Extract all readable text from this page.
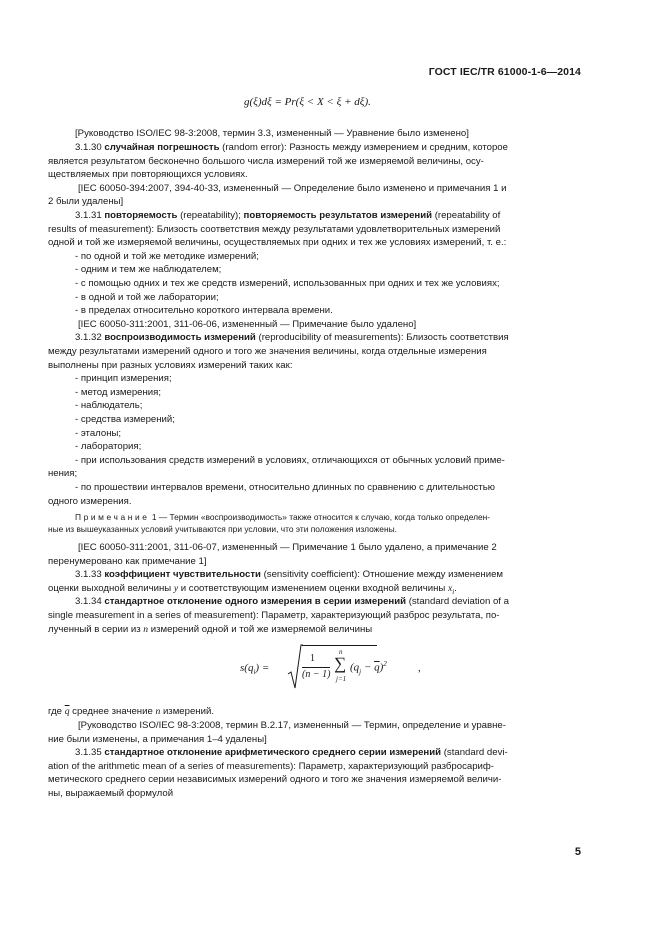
ГОСТ IEC/TR 61000-1-6—2014
g(ξ)dξ = Pr(ξ < X < ξ + dξ).
[Руководство ISO/IEC 98-3:2008, термин 3.3, измененный — Уравнение было изменено]
3.1.30 случайная погрешность (random error): Разность между измерением и средним, которое
является результатом бесконечно большого числа измерений той же измеряемой величины, осу-
ществляемых при повторяющихся условиях.
[IEC 60050-394:2007, 394-40-33, измененный — Определение было изменено и примечания 1 и
2 были удалены]
3.1.31 повторяемость (repeatability); повторяемость результатов измерений (repeatability of
results of measurement): Близость соответствия между результатами удовлетворительных измерений
одной и той же измеряемой величины, осуществляемых при одних и тех же условиях измерений, т. е.:
- по одной и той же методике измерений;
- одним и тем же наблюдателем;
- с помощью одних и тех же средств измерений, использованных при одних и тех же условиях;
- в одной и той же лаборатории;
- в пределах относительно короткого интервала времени.
[IEC 60050-311:2001, 311-06-06, измененный — Примечание было удалено]
3.1.32 воспроизводимость измерений (reproducibility of measurements): Близость соответствия
между результатами измерений одного и того же значения величины, когда отдельные измерения
выполнены при разных условиях измерений таких как:
- принцип измерения;
- метод измерения;
- наблюдатель;
- средства измерений;
- эталоны;
- лаборатория;
- при использования средств измерений в условиях, отличающихся от обычных условий приме-
нения;
- по прошествии интервалов времени, относительно длинных по сравнению с длительностью
одного измерения.
Примечание 1 — Термин «воспроизводимость» также относится к случаю, когда только определен-
ные из вышеуказанных условий учитываются при условии, что эти положения изложены.
[IEC 60050-311:2001, 311-06-07, измененный — Примечание 1 было удалено, а примечание 2
перенумеровано как примечание 1]
3.1.33 коэффициент чувствительности (sensitivity coefficient): Отношение между изменением
оценки выходной величины y и соответствующим изменением оценки входной величины $x_i$.
3.1.34 стандартное отклонение одного измерения в серии измерений (standard deviation of a
single measurement in a series of measurement): Параметр, характеризующий разброс результата, по-
лученный в серии из n измерений одной и той же измеряемой величины
$s(q_i)$ =
1
(n − 1)
n
∑
j=1
$(q_j - \overline{q})^2$	,
где $\overline{q}$ среднее значение n измерений.
[Руководство ISO/IEC 98-3:2008, термин В.2.17, измененный — Термин, определение и уравне-
ние были изменены, а примечания 1–4 удалены]
3.1.35 стандартное отклонение арифметического среднего серии измерений (standard devi-
ation of the arithmetic mean of a series of measurements): Параметр, характеризующий разбросариф-
метического среднего серии независимых измерений одного и того же значения измеряемой величи-
ны, выражаемый формулой
5
